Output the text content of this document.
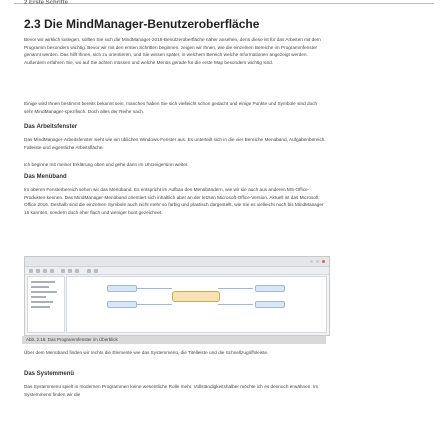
2 Erste Schritte
2.3 Die MindManager-Benutzeroberfläche
Bevor wir wirklich loslegen, sollten Sie sich die MindManager-2018-Benutzeroberfläche näher ansehen, denn diese ist für das Arbeiten mit dem Programm besonders wichtig. Bevor wir mit den ersten Schritten beginnen, zeigen wir Ihnen, wie die einzelnen Bereiche im Programmfenster genannt werden. Das hilft Ihnen, sich zu orientieren, und Sie wissen später, in welchem Bereich welche Informationen angezeigt werden. Außerdem erfahren Sie, wo auf Sie achten müssen und welche Menüs gerade für die erste Map besonders wichtig sind.
Einige wird Ihnen bestimmt bereits bekannt sein, manches haben Sie sich vielleicht schon gedacht und einige Punkte und Symbole sind doch sehr MindManager-spezifisch. Doch alles der Reihe nach.
Das Arbeitsfenster
Das MindManager-Arbeitsfenster sieht wie ein übliches Windows-Fenster aus. Es unterteilt sich in die vier Bereiche Menüband, Aufgabenbereich, Falleiste und eigentliche Arbeitsfläche.
Ich beginne mit meiner Erklärung oben und gehe dann im Uhrzeigersinn weiter.
Das Menüband
Im oberen Fensterbereich sehen wir das Menüband. Es entspricht im Aufbau den Menübändern, wie wir sie auch aus anderen MS-Office-Produkten kennen. Das MindManager-Menüband orientiert sich inhaltlich aber an der letzten Microsoft-Office-Version. Aktuell ist das Microsoft Office 2016. Deshalb sind die einzelnen Symbole auch nicht mehr so farbig und plastisch dargestellt, wie Sie es vielleicht noch bis MindManager 15 kannten, sondern doch eher flach und weniger bunt gezeichnet.
Abb. 2.16: Das Programmfenster im Überblick
Über dem Menüband finden wir rechts die Elemente wie das Systemmenü, die Titelleiste und die Schnellzugriffsleiste.
Das Systemmenü
Das Systemmenü spielt in modernen Programmen keine wesentliche Rolle mehr. Vollständigkeitshalber möchte ich es dennoch erwähnen. Im Systemmenü finden wir die
